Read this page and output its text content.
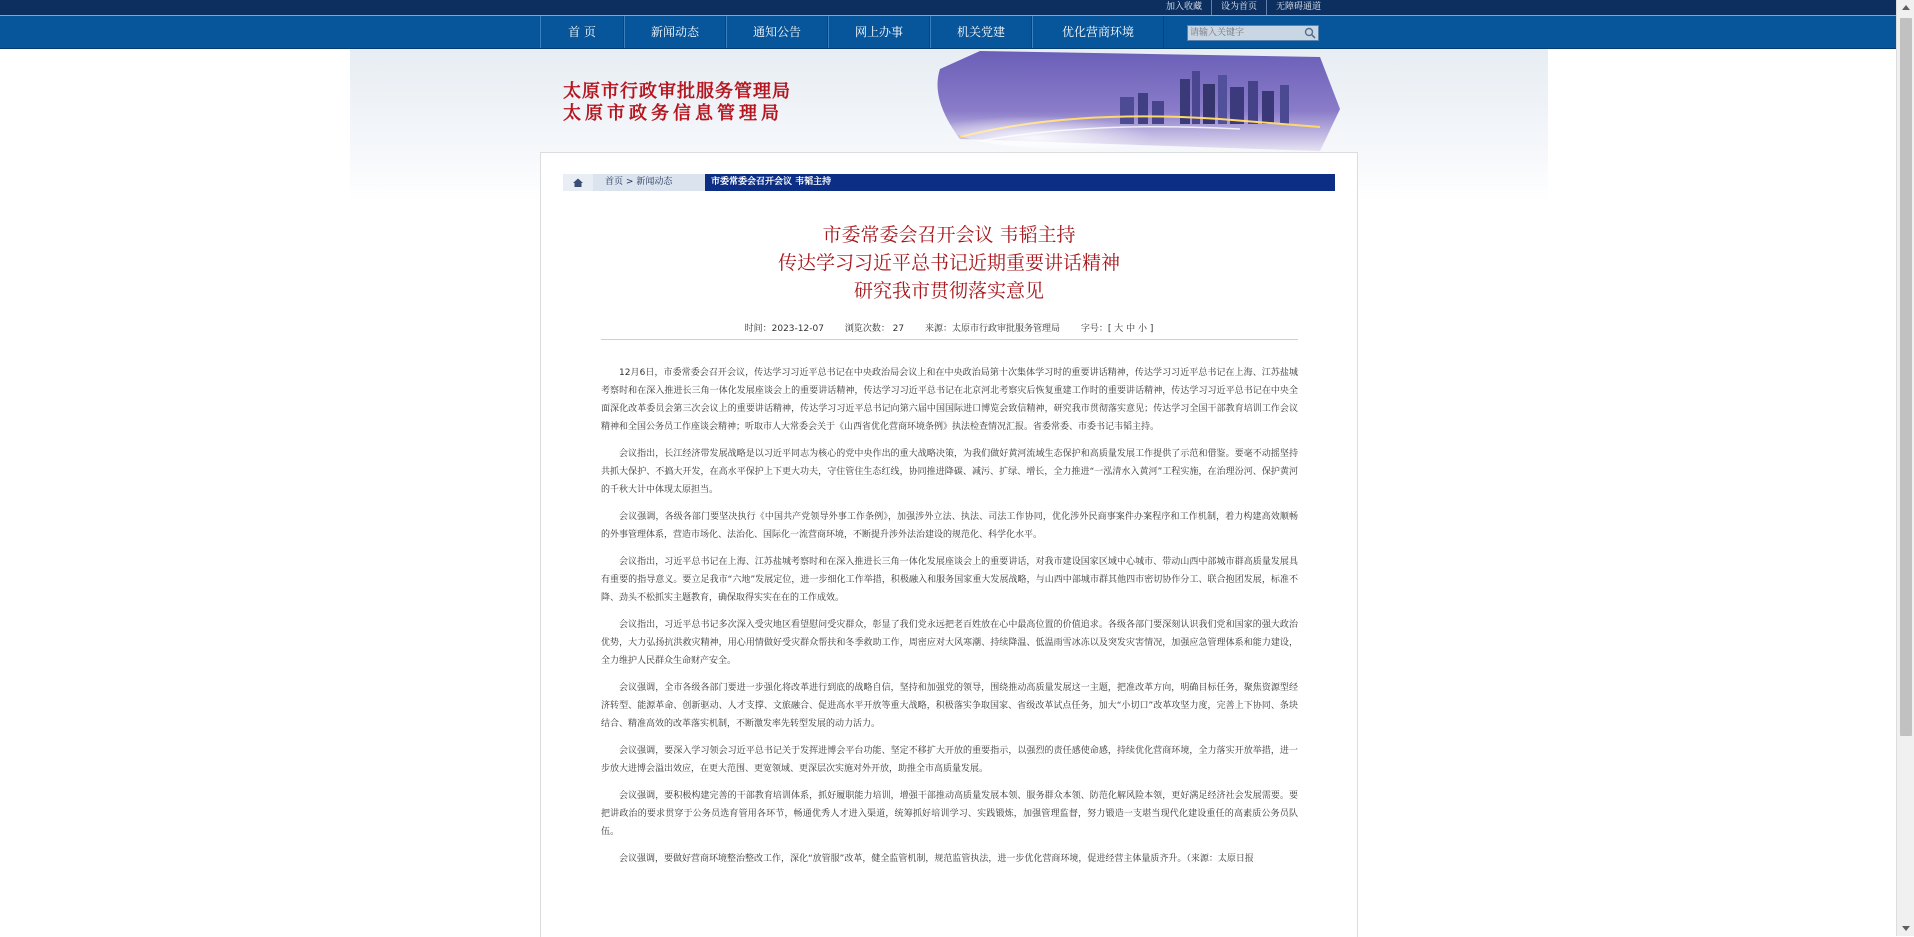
加入收藏	设为首页	无障碍通道
首 页	新闻动态	通知公告	网上办事	机关党建	优化营商环境
请输入关键字
太原市行政审批服务管理局
太原市政务信息管理局
首页 > 新闻动态	市委常委会召开会议 韦韬主持
市委常委会召开会议 韦韬主持
传达学习习近平总书记近期重要讲话精神
研究我市贯彻落实意见
时间：2023-12-07 浏览次数： 27 来源：太原市行政审批服务管理局 字号：[ 大 中 小 ]

12月6日，市委常委会召开会议，传达学习习近平总书记在中央政治局会议上和在中央政治局第十次集体学习时的重要讲话精神，传达学习习近平总书记在上海、江苏盐城考察时和在深入推进长三角一体化发展座谈会上的重要讲话精神，传达学习习近平总书记在北京河北考察灾后恢复重建工作时的重要讲话精神，传达学习习近平总书记在中央全面深化改革委员会第三次会议上的重要讲话精神，传达学习习近平总书记向第六届中国国际进口博览会致信精神，研究我市贯彻落实意见；传达学习全国干部教育培训工作会议精神和全国公务员工作座谈会精神；听取市人大常委会关于《山西省优化营商环境条例》执法检查情况汇报。省委常委、市委书记韦韬主持。

会议指出，长江经济带发展战略是以习近平同志为核心的党中央作出的重大战略决策，为我们做好黄河流域生态保护和高质量发展工作提供了示范和借鉴。要毫不动摇坚持共抓大保护、不搞大开发，在高水平保护上下更大功夫，守住管住生态红线，协同推进降碳、减污、扩绿、增长，全力推进“一泓清水入黄河”工程实施，在治理汾河、保护黄河的千秋大计中体现太原担当。

会议强调，各级各部门要坚决执行《中国共产党领导外事工作条例》，加强涉外立法、执法、司法工作协同，优化涉外民商事案件办案程序和工作机制，着力构建高效顺畅的外事管理体系，营造市场化、法治化、国际化一流营商环境，不断提升涉外法治建设的规范化、科学化水平。

会议指出，习近平总书记在上海、江苏盐城考察时和在深入推进长三角一体化发展座谈会上的重要讲话，对我市建设国家区域中心城市、带动山西中部城市群高质量发展具有重要的指导意义。要立足我市“六地”发展定位，进一步细化工作举措，积极融入和服务国家重大发展战略，与山西中部城市群其他四市密切协作分工、联合抱团发展，标准不降、劲头不松抓实主题教育，确保取得实实在在的工作成效。

会议指出，习近平总书记多次深入受灾地区看望慰问受灾群众，彰显了我们党永远把老百姓放在心中最高位置的价值追求。各级各部门要深刻认识我们党和国家的强大政治优势，大力弘扬抗洪救灾精神，用心用情做好受灾群众帮扶和冬季救助工作，周密应对大风寒潮、持续降温、低温雨雪冰冻以及突发灾害情况，加强应急管理体系和能力建设，全力维护人民群众生命财产安全。

会议强调，全市各级各部门要进一步强化将改革进行到底的战略自信，坚持和加强党的领导，围绕推动高质量发展这一主题，把准改革方向，明确目标任务，聚焦资源型经济转型、能源革命、创新驱动、人才支撑、文旅融合、促进高水平开放等重大战略，积极落实争取国家、省级改革试点任务，加大“小切口”改革攻坚力度，完善上下协同、条块结合、精准高效的改革落实机制，不断激发率先转型发展的动力活力。

会议强调，要深入学习领会习近平总书记关于发挥进博会平台功能、坚定不移扩大开放的重要指示，以强烈的责任感使命感，持续优化营商环境，全力落实开放举措，进一步放大进博会溢出效应，在更大范围、更宽领域、更深层次实施对外开放，助推全市高质量发展。

会议强调，要积极构建完善的干部教育培训体系，抓好履职能力培训，增强干部推动高质量发展本领、服务群众本领、防范化解风险本领，更好满足经济社会发展需要。要把讲政治的要求贯穿于公务员选育管用各环节，畅通优秀人才进入渠道，统筹抓好培训学习、实践锻炼，加强管理监督，努力锻造一支堪当现代化建设重任的高素质公务员队伍。

会议强调，要做好营商环境整治整改工作，深化“放管服”改革，健全监管机制，规范监管执法，进一步优化营商环境，促进经营主体量质齐升。（来源：太原日报
